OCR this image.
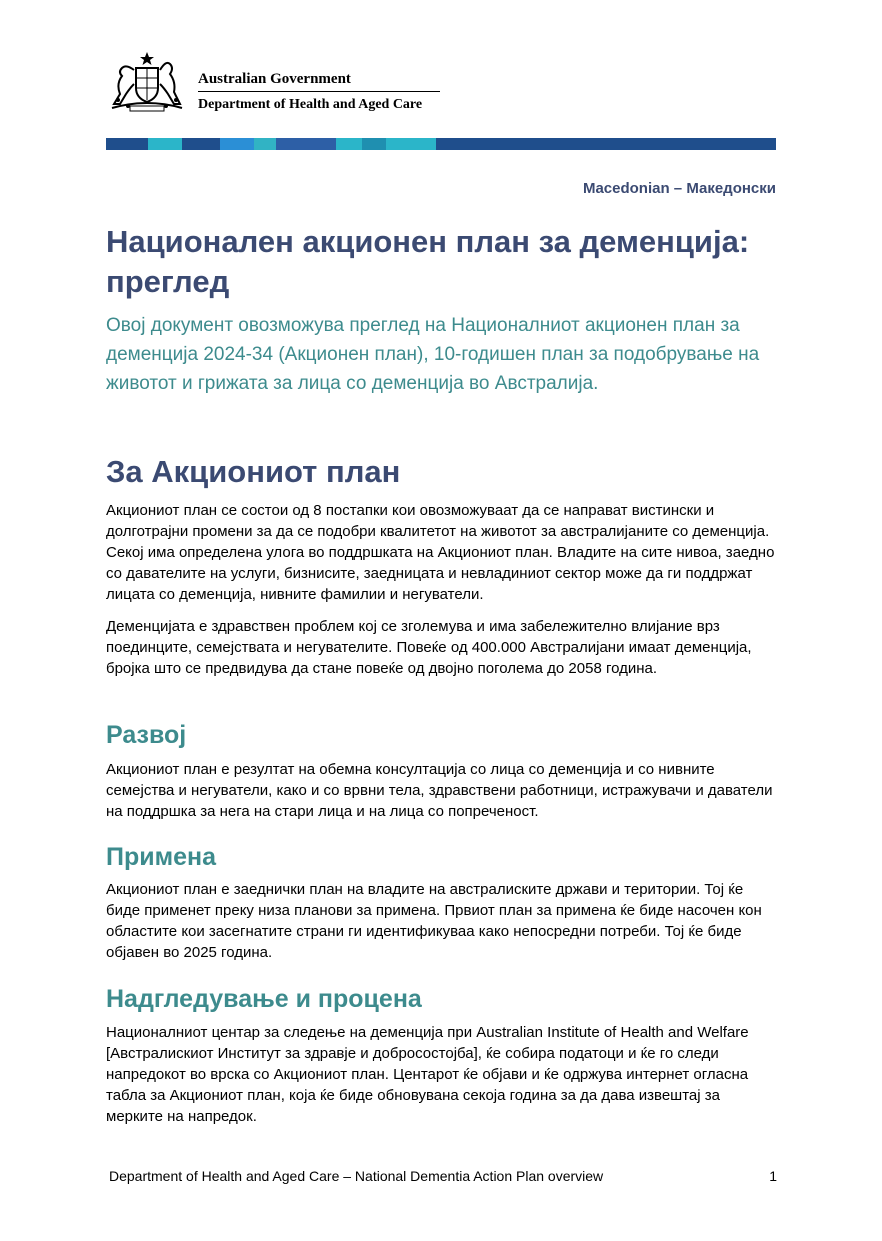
Australian Government
Department of Health and Aged Care
Macedonian – Македонски
Национален акционен план за деменција: преглед

Овој документ овозможува преглед на Националниот акционен план за деменција 2024-34 (Акционен план), 10-годишен план за подобрување на животот и грижата за лица со деменција во Австралија.

За Акциониот план

Акциониот план се состои од 8 постапки кои овозможуваат да се направат вистински и долготрајни промени за да се подобри квалитетот на животот за австралијаните со деменција. Секој има определена улога во поддршката на Акциониот план. Владите на сите нивоа, заедно со давателите на услуги, бизнисите, заедницата и невладиниот сектор може да ги поддржат лицата со деменција, нивните фамилии и негуватели.

Деменцијата е здравствен проблем кој се зголемува и има забележително влијание врз поединците, семејствата и негувателите. Повеќе од 400.000 Австралијани имаат деменција, бројка што се предвидува да стане повеќе од двојно поголема до 2058 година.

Развој

Акциониот план е резултат на обемна консултација со лица со деменција и со нивните семејства и негуватели, како и со врвни тела, здравствени работници, истражувачи и даватели на поддршка за нега на стари лица и на лица со попреченост.

Примена

Акциониот план е заеднички план на владите на австралиските држави и територии. Тој ќе биде применет преку низа планови за примена. Првиот план за примена ќе биде насочен кон областите кои засегнатите страни ги идентификуваа како непосредни потреби. Тој ќе биде објавен во 2025 година.

Надгледување и процена

Националниот центар за следење на деменција при Australian Institute of Health and Welfare [Австралискиот Институт за здравје и добросостојба], ќе собира податоци и ќе го следи напредокот во врска со Акциониот план. Центарот ќе објави и ќе одржува интернет огласна табла за Акциониот план, која ќе биде обновувана секоја година за да дава извештај за мерките на напредок.

Department of Health and Aged Care – National Dementia Action Plan overview	1
